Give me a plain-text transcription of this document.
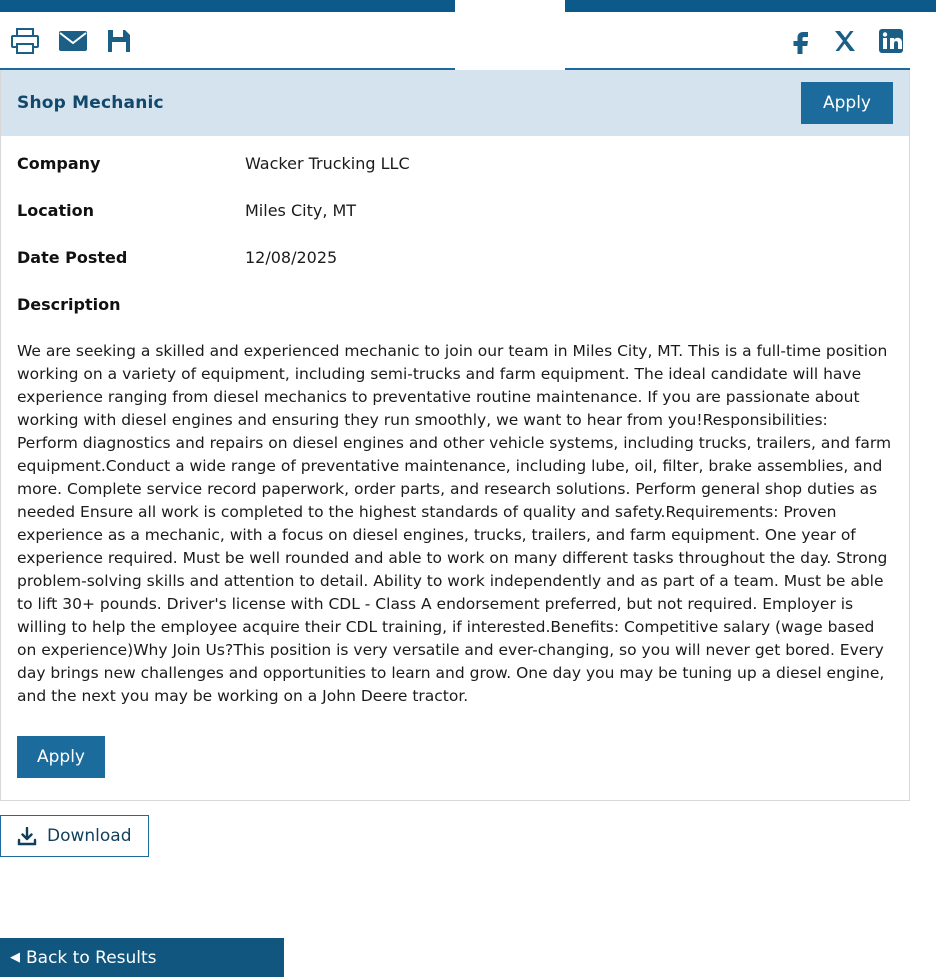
Shop Mechanic	Apply
Company	Wacker Trucking LLC
Location	Miles City, MT
Date Posted	12/08/2025
Description

We are seeking a skilled and experienced mechanic to join our team in Miles City, MT. This is a full-time position working on a variety of equipment, including semi-trucks and farm equipment. The ideal candidate will have experience ranging from diesel mechanics to preventative routine maintenance. If you are passionate about working with diesel engines and ensuring they run smoothly, we want to hear from you!Responsibilities: Perform diagnostics and repairs on diesel engines and other vehicle systems, including trucks, trailers, and farm equipment.Conduct a wide range of preventative maintenance, including lube, oil, filter, brake assemblies, and more. Complete service record paperwork, order parts, and research solutions. Perform general shop duties as needed Ensure all work is completed to the highest standards of quality and safety.Requirements: Proven experience as a mechanic, with a focus on diesel engines, trucks, trailers, and farm equipment. One year of experience required. Must be well rounded and able to work on many different tasks throughout the day. Strong problem-solving skills and attention to detail. Ability to work independently and as part of a team. Must be able to lift 30+ pounds. Driver's license with CDL - Class A endorsement preferred, but not required. Employer is willing to help the employee acquire their CDL training, if interested.Benefits: Competitive salary (wage based on experience)Why Join Us?This position is very versatile and ever-changing, so you will never get bored. Every day brings new challenges and opportunities to learn and grow. One day you may be tuning up a diesel engine, and the next you may be working on a John Deere tractor.

Apply
Download
◀ Back to Results
